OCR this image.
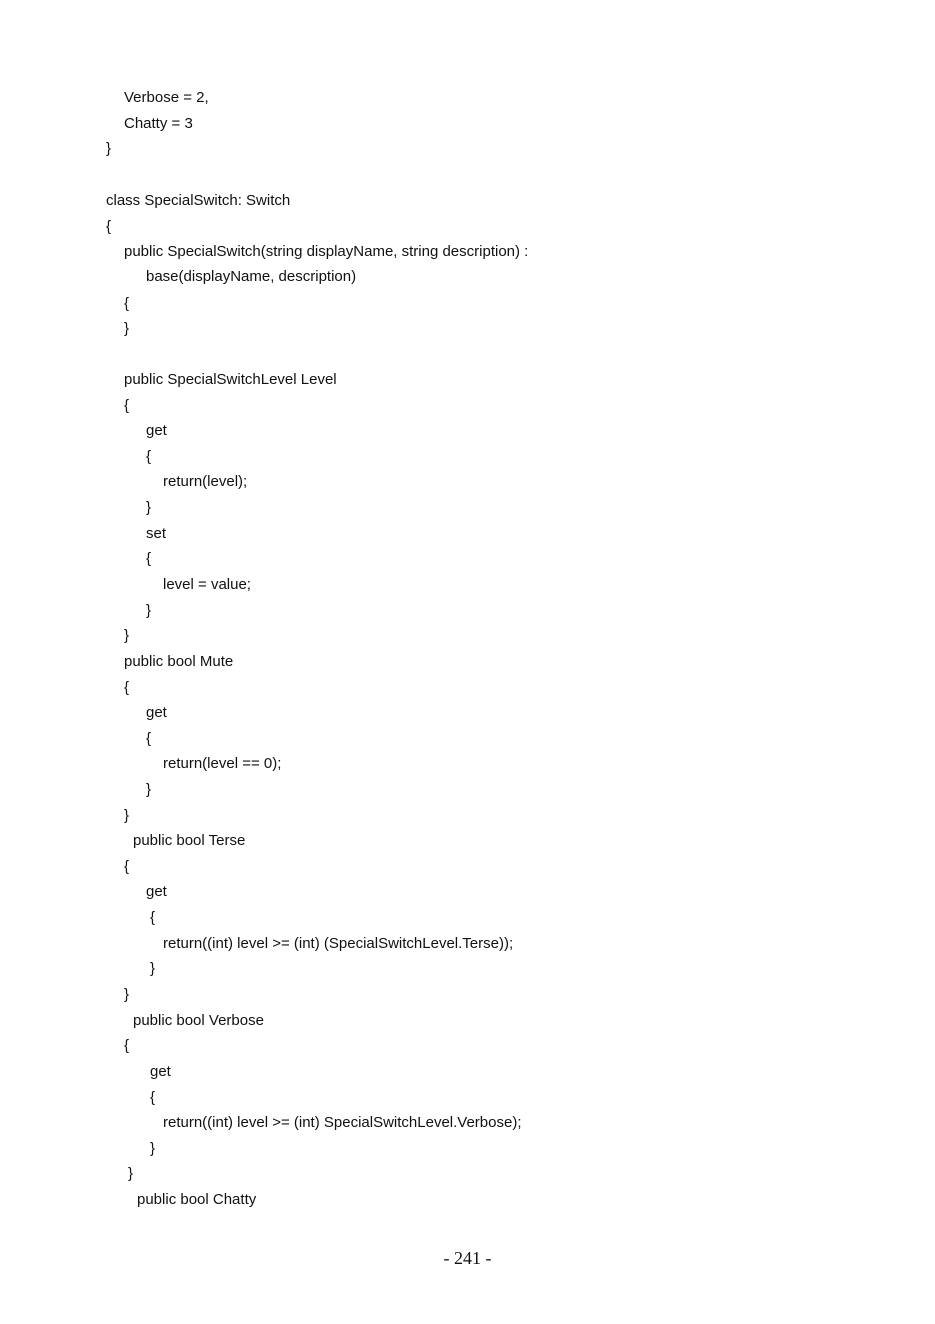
Verbose = 2,
Chatty = 3
}
class SpecialSwitch: Switch
{
public SpecialSwitch(string displayName, string description) :
base(displayName, description)
{
}
public SpecialSwitchLevel Level
{
get
{
return(level);
}
set
{
level = value;
}
}
public bool Mute
{
get
{
return(level == 0);
}
}
public bool Terse
{
get
{
return((int) level >= (int) (SpecialSwitchLevel.Terse));
}
}
public bool Verbose
{
get
{
return((int) level >= (int) SpecialSwitchLevel.Verbose);
}
}
public bool Chatty
- 241 -
